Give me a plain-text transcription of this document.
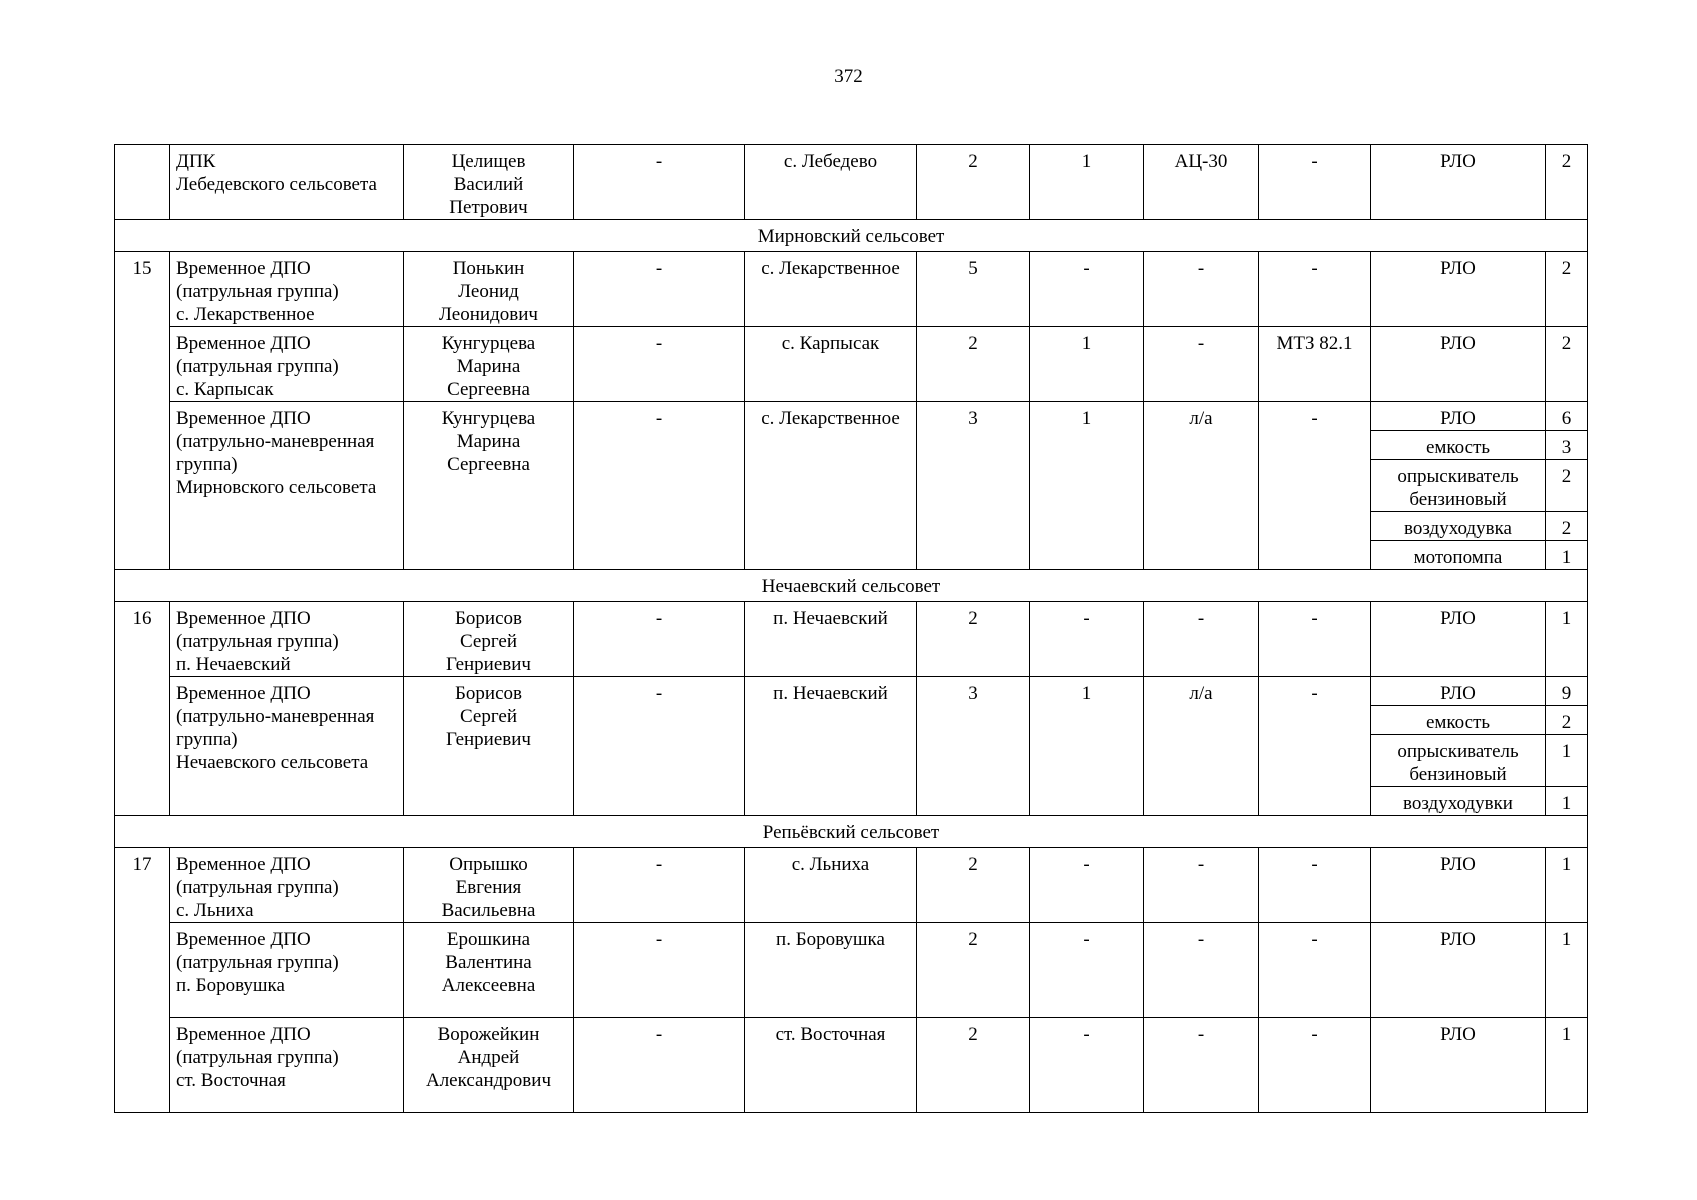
372
	ДПК
Лебедевского сельсовета	Целищев
Василий
Петрович	-	с. Лебедево	2	1	АЦ-30	-	РЛО	2
Мирновский сельсовет										
15	Временное ДПО
(патрульная группа)
с. Лекарственное	Понькин
Леонид
Леонидович	-	с. Лекарственное	5	-	-	-	РЛО	2
	Временное ДПО
(патрульная группа)
с. Карпысак	Кунгурцева
Марина
Сергеевна	-	с. Карпысак	2	1	-	МТЗ 82.1	РЛО	2
	Временное ДПО
(патрульно-маневренная
группа)
Мирновского сельсовета	Кунгурцева
Марина
Сергеевна	-	с. Лекарственное	3	1	л/а	-	РЛО	6
									емкость	3
									опрыскиватель
бензиновый	2
									воздуходувка	2
									мотопомпа	1
Нечаевский сельсовет										
16	Временное ДПО
(патрульная группа)
п. Нечаевский	Борисов
Сергей
Генриевич	-	п. Нечаевский	2	-	-	-	РЛО	1
	Временное ДПО
(патрульно-маневренная
группа)
Нечаевского сельсовета	Борисов
Сергей
Генриевич	-	п. Нечаевский	3	1	л/а	-	РЛО	9
									емкость	2
									опрыскиватель
бензиновый	1
									воздуходувки	1
Репьёвский сельсовет										
17	Временное ДПО
(патрульная группа)
с. Льниха	Опрышко
Евгения
Васильевна	-	с. Льниха	2	-	-	-	РЛО	1
	Временное ДПО
(патрульная группа)
п. Боровушка	Ерошкина
Валентина
Алексеевна	-	п. Боровушка	2	-	-	-	РЛО	1
	Временное ДПО
(патрульная группа)
ст. Восточная	Ворожейкин
Андрей
Александрович	-	ст. Восточная	2	-	-	-	РЛО	1
